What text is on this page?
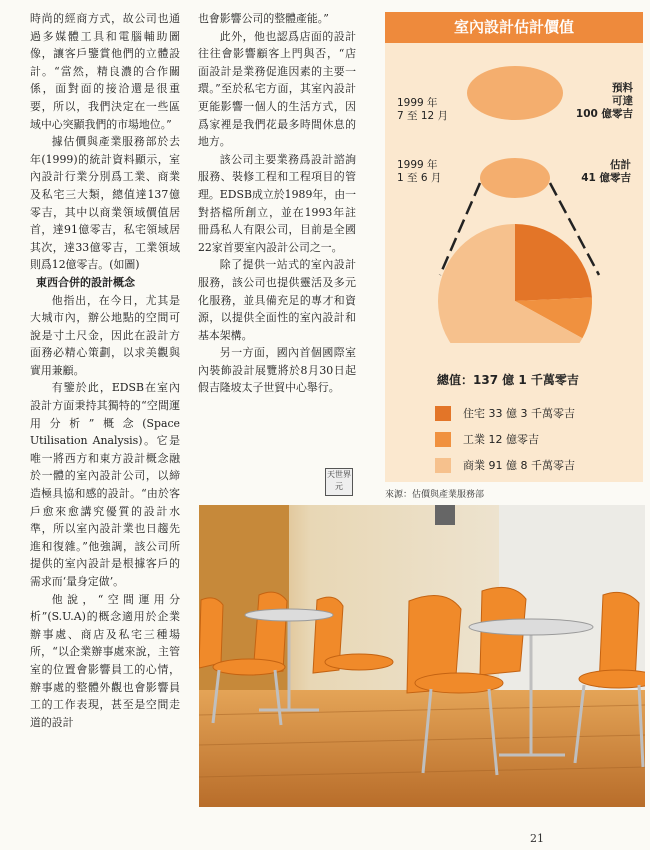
時尚的經商方式，故公司也通過多媒體工具和電腦輔助圖像，讓客戶鑒賞他們的立體設計。“當然，精良濃的合作關係，面對面的接洽還是很重要，所以，我們決定在一些區域中心突顯我們的市場地位。”

據估價與產業服務部於去年(1999)的統計資料顯示，室內設計行業分別爲工業、商業及私宅三大類，總值達137億零吉，其中以商業領域價值居首，達91億零吉，私宅領域居其次，達33億零吉，工業領域則爲12億零吉。(如圖)

東西合併的設計概念

他指出，在今日，尤其是大城市內，辦公地點的空間可說是寸土尺金，因此在設計方面務必精心策劃，以求美觀與實用兼顧。

有鑒於此，EDSB在室內設計方面秉持其獨特的“空間運用分析”概念(Space Utilisation Analysis)。它是唯一將西方和東方設計概念融於一體的室內設計公司，以締造極具協和感的設計。“由於客戶愈來愈講究優質的設計水準，所以室內設計業也日趨先進和復雜。”他強調，該公司所提供的室內設計是根據客戶的需求而‘量身定做’。

他說，“空間運用分析”(S.U.A)的概念適用於企業辦事處、商店及私宅三種場所，“以企業辦事處來說，主管室的位置會影響員工的心情，辦事處的整體外觀也會影響員工的工作表現，甚至是空間走道的設計

也會影響公司的整體產能。”

此外，他也認爲店面的設計往往會影響顧客上門與否，“店面設計是業務促進因素的主要一環。”至於私宅方面，其室內設計更能影響一個人的生活方式，因爲家裡是我們花最多時間休息的地方。

該公司主要業務爲設計諮詢服務、裝修工程和工程項目的管理。EDSB成立於1989年，由一對搭檔所創立，並在1993年註冊爲私人有限公司，目前是全國22家首要室內設計公司之一。

除了提供一站式的室內設計服務，該公司也提供靈活及多元化服務，並具備充足的專才和資源，以提供全面性的室內設計和基本架構。

另一方面，國內首個國際室內裝飾設計展覽將於8月30日起假吉隆坡太子世貿中心舉行。

天世界元
室內設計估計價值
1999 年
7 至 12 月
預料
可達
100 億零吉
1999 年
1 至 6 月
估計
41 億零吉
總值：137 億 1 千萬零吉
住宅 33 億 3 千萬零吉
工業 12 億零吉
商業 91 億 8 千萬零吉
來源：估價與產業服務部
21
